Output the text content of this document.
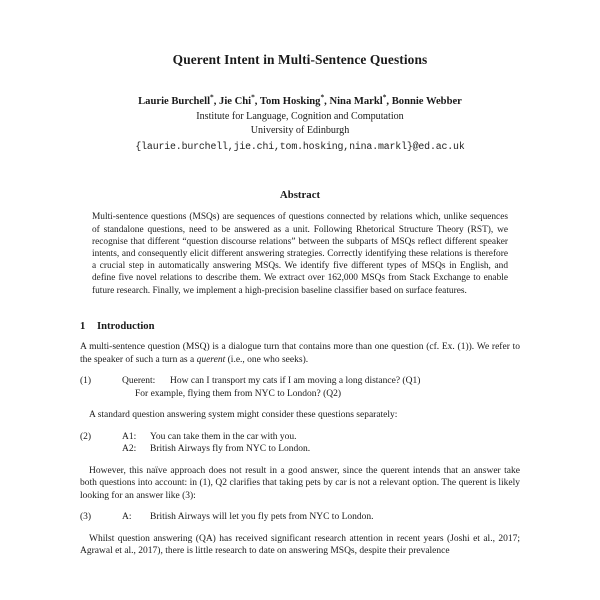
Querent Intent in Multi-Sentence Questions
Laurie Burchell*, Jie Chi*, Tom Hosking*, Nina Markl*, Bonnie Webber
Institute for Language, Cognition and Computation
University of Edinburgh
{laurie.burchell,jie.chi,tom.hosking,nina.markl}@ed.ac.uk
Abstract

Multi-sentence questions (MSQs) are sequences of questions connected by relations which, unlike sequences of standalone questions, need to be answered as a unit. Following Rhetorical Structure Theory (RST), we recognise that different “question discourse relations” between the subparts of MSQs reflect different speaker intents, and consequently elicit different answering strategies. Correctly identifying these relations is therefore a crucial step in automatically answering MSQs. We identify five different types of MSQs in English, and define five novel relations to describe them. We extract over 162,000 MSQs from Stack Exchange to enable future research. Finally, we implement a high-precision baseline classifier based on surface features.

1 Introduction

A multi-sentence question (MSQ) is a dialogue turn that contains more than one question (cf. Ex. (1)). We refer to the speaker of such a turn as a querent (i.e., one who seeks).

(1)	Querent:	How can I transport my cats if I am moving a long distance? (Q1)
For example, flying them from NYC to London? (Q2)

A standard question answering system might consider these questions separately:

(2)	A1:	You can take them in the car with you.
A2:	British Airways fly from NYC to London.

However, this naïve approach does not result in a good answer, since the querent intends that an answer take both questions into account: in (1), Q2 clarifies that taking pets by car is not a relevant option. The querent is likely looking for an answer like (3):

(3)	A:	British Airways will let you fly pets from NYC to London.

Whilst question answering (QA) has received significant research attention in recent years (Joshi et al., 2017; Agrawal et al., 2017), there is little research to date on answering MSQs, despite their prevalence
